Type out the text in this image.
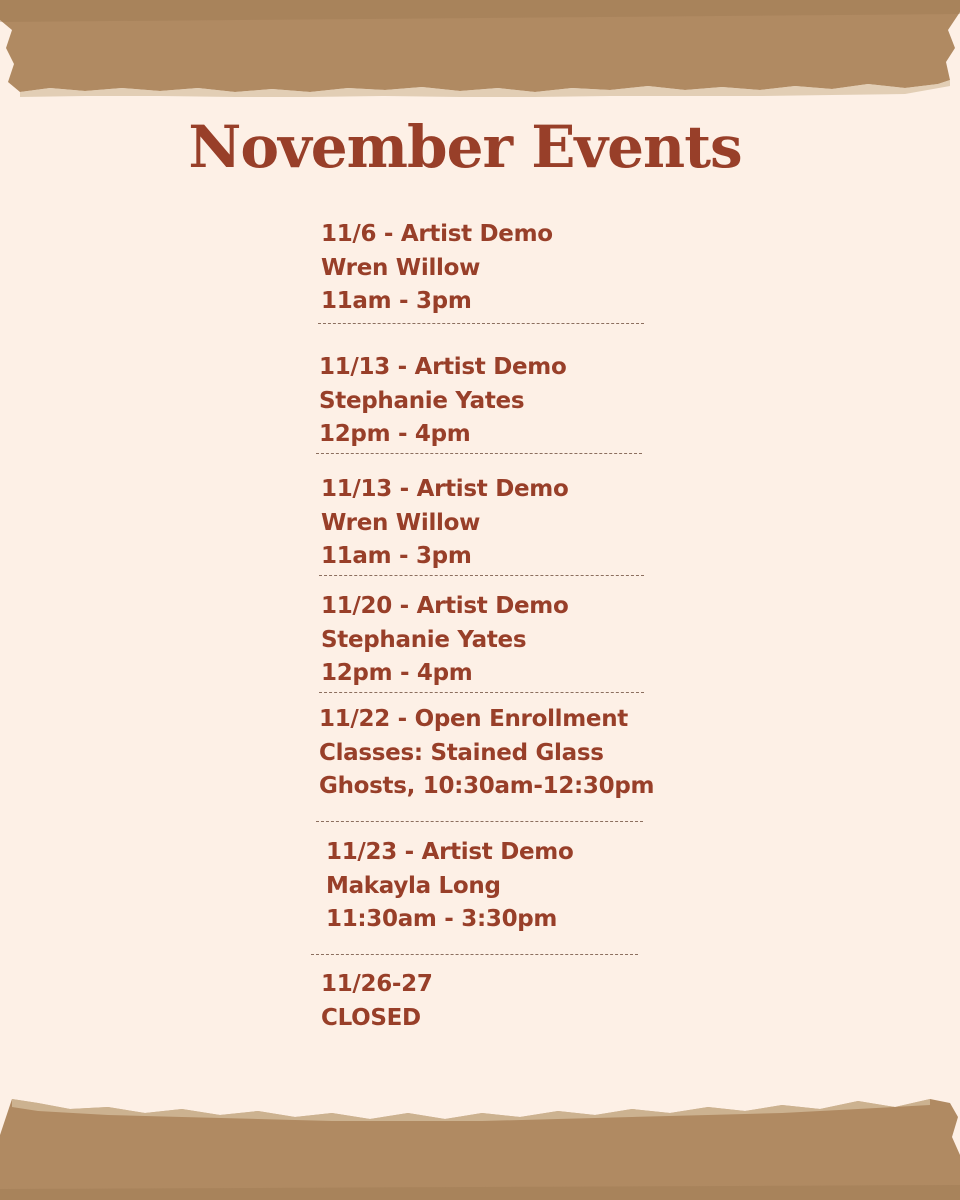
November Events
11/6 - Artist Demo
Wren Willow
11am - 3pm
11/13 - Artist Demo
Stephanie Yates
12pm - 4pm
11/13 - Artist Demo
Wren Willow
11am - 3pm
11/20 - Artist Demo
Stephanie Yates
12pm - 4pm
11/22 - Open Enrollment
Classes: Stained Glass
Ghosts, 10:30am-12:30pm
11/23 - Artist Demo
Makayla Long
11:30am - 3:30pm
11/26-27
CLOSED
